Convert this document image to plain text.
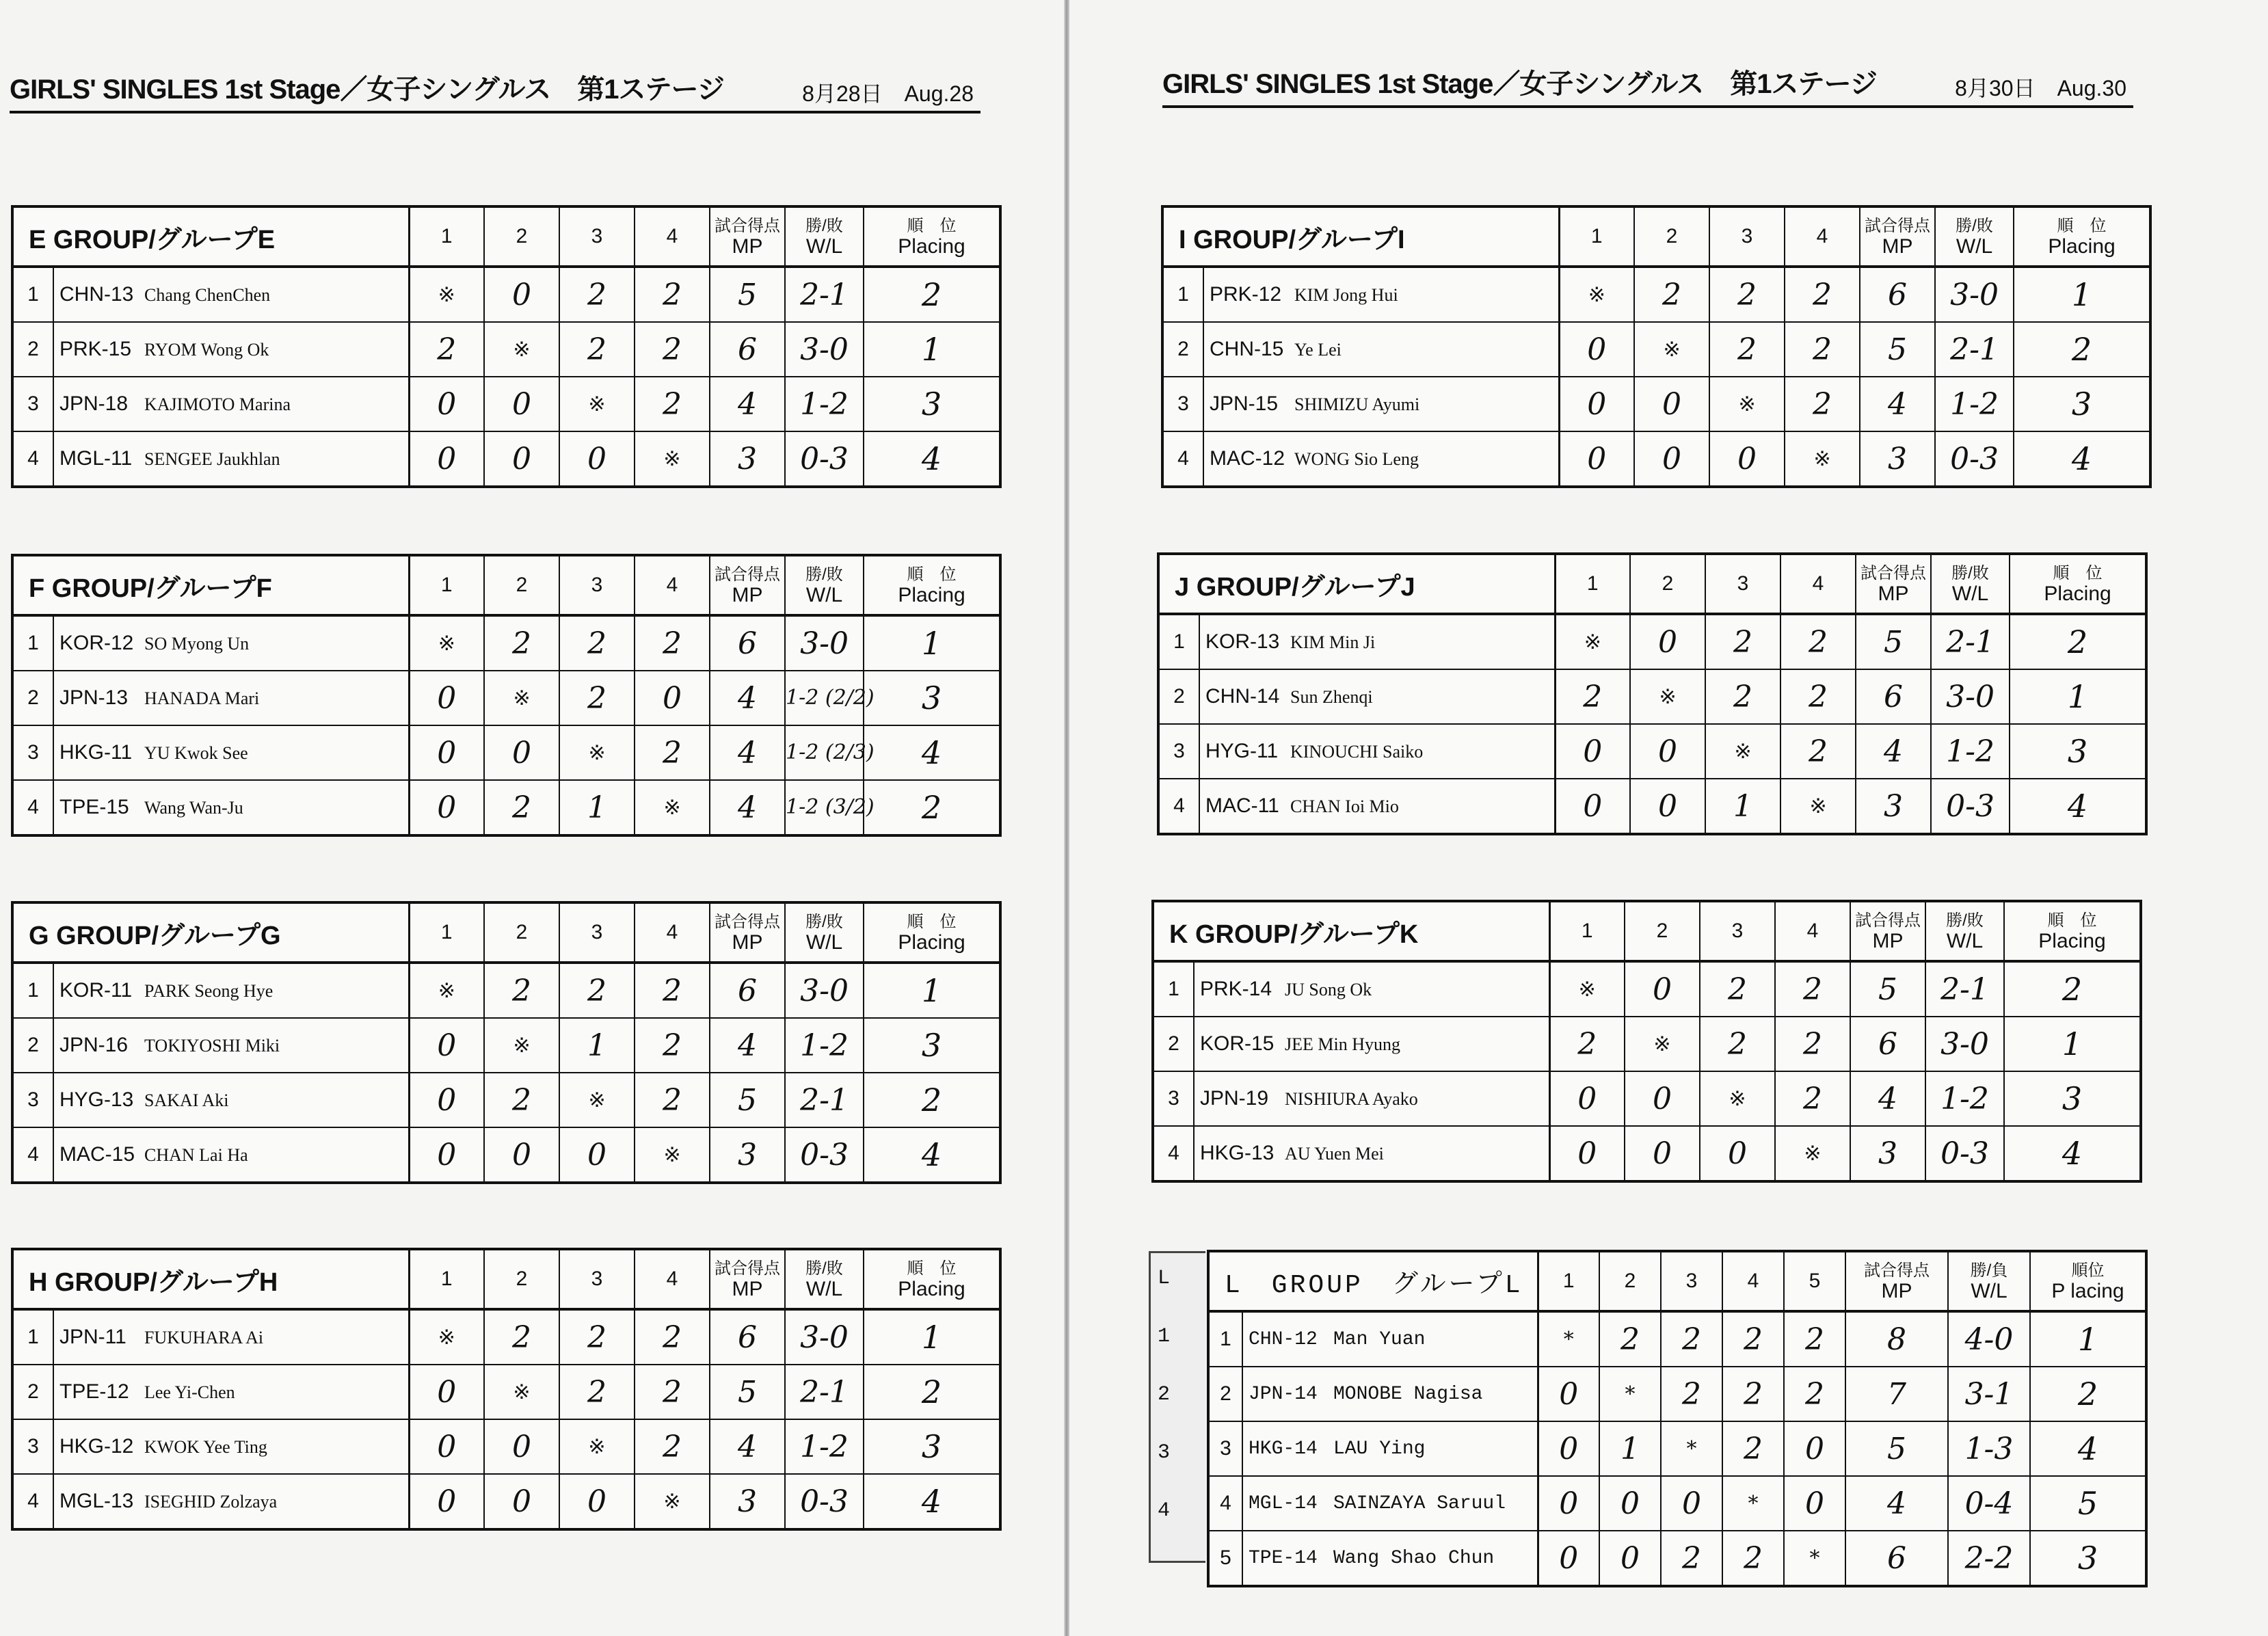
GIRLS' SINGLES 1st Stage／女子シングルス　第1ステージ	8月28日　Aug.28
E GROUP/グループE		1	2	3	4	試合得点
MP	勝/敗
W/L	順　位
Placing

1	CHN-13 Chang ChenChen	※	0	2	2	5	2-1	2
2	PRK-15 RYOM Wong Ok	2	※	2	2	6	3-0	1
3	JPN-18 KAJIMOTO Marina	0	0	※	2	4	1-2	3
4	MGL-11 SENGEE Jaukhlan	0	0	0	※	3	0-3	4
F GROUP/グループF		1	2	3	4	試合得点
MP	勝/敗
W/L	順　位
Placing

1	KOR-12 SO Myong Un	※	2	2	2	6	3-0	1
2	JPN-13 HANADA Mari	0	※	2	0	4	1-2 (2/2)	3
3	HKG-11 YU Kwok See	0	0	※	2	4	1-2 (2/3)	4
4	TPE-15 Wang Wan-Ju	0	2	1	※	4	1-2 (3/2)	2
G GROUP/グループG		1	2	3	4	試合得点
MP	勝/敗
W/L	順　位
Placing

1	KOR-11 PARK Seong Hye	※	2	2	2	6	3-0	1
2	JPN-16 TOKIYOSHI Miki	0	※	1	2	4	1-2	3
3	HYG-13 SAKAI Aki	0	2	※	2	5	2-1	2
4	MAC-15 CHAN Lai Ha	0	0	0	※	3	0-3	4
H GROUP/グループH		1	2	3	4	試合得点
MP	勝/敗
W/L	順　位
Placing

1	JPN-11 FUKUHARA Ai	※	2	2	2	6	3-0	1
2	TPE-12 Lee Yi-Chen	0	※	2	2	5	2-1	2
3	HKG-12 KWOK Yee Ting	0	0	※	2	4	1-2	3
4	MGL-13 ISEGHID Zolzaya	0	0	0	※	3	0-3	4
GIRLS' SINGLES 1st Stage／女子シングルス　第1ステージ	8月30日　Aug.30
I GROUP/グループI		1	2	3	4	試合得点
MP	勝/敗
W/L	順　位
Placing

1	PRK-12 KIM Jong Hui	※	2	2	2	6	3-0	1
2	CHN-15 Ye Lei	0	※	2	2	5	2-1	2
3	JPN-15 SHIMIZU Ayumi	0	0	※	2	4	1-2	3
4	MAC-12 WONG Sio Leng	0	0	0	※	3	0-3	4
J GROUP/グループJ		1	2	3	4	試合得点
MP	勝/敗
W/L	順　位
Placing

1	KOR-13 KIM Min Ji	※	0	2	2	5	2-1	2
2	CHN-14 Sun Zhenqi	2	※	2	2	6	3-0	1
3	HYG-11 KINOUCHI Saiko	0	0	※	2	4	1-2	3
4	MAC-11 CHAN Ioi Mio	0	0	1	※	3	0-3	4
K GROUP/グループK		1	2	3	4	試合得点
MP	勝/敗
W/L	順　位
Placing

1	PRK-14 JU Song Ok	※	0	2	2	5	2-1	2
2	KOR-15 JEE Min Hyung	2	※	2	2	6	3-0	1
3	JPN-19 NISHIURA Ayako	0	0	※	2	4	1-2	3
4	HKG-13 AU Yuen Mei	0	0	0	※	3	0-3	4
L　GROUP　グループL		1	2	3	4	5	試合得点
MP	勝/負
W/L	順位
P lacing

1	CHN-12 Man Yuan	*	2	2	2	2	8	4-0	1
2	JPN-14 MONOBE Nagisa	0	*	2	2	2	7	3-1	2
3	HKG-14 LAU Ying	0	1	*	2	0	5	1-3	4
4	MGL-14 SAINZAYA Saruul	0	0	0	*	0	4	0-4	5
5	TPE-14 Wang Shao Chun	0	0	2	2	*	6	2-2	3
L
1
2
3
4
